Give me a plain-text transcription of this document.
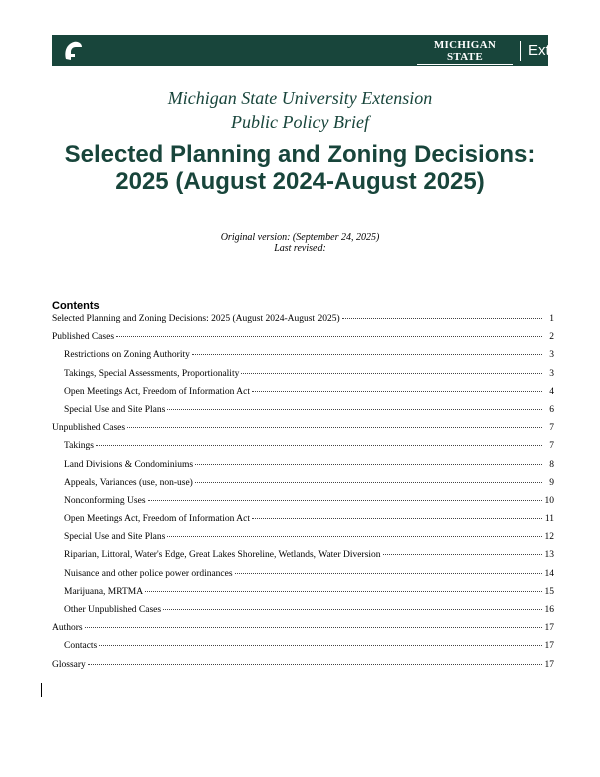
MICHIGAN STATE
UNIVERSITY
Extension
Michigan State University Extension
Public Policy Brief
Selected Planning and Zoning Decisions: 2025 (August 2024-August 2025)
Original version: (September 24, 2025)
Last revised:
Contents
Selected Planning and Zoning Decisions: 2025 (August 2024-August 2025)	1
Published Cases	2
Restrictions on Zoning Authority	3
Takings, Special Assessments, Proportionality	3
Open Meetings Act, Freedom of Information Act	4
Special Use and Site Plans	6
Unpublished Cases	7
Takings	7
Land Divisions & Condominiums	8
Appeals, Variances (use, non-use)	9
Nonconforming Uses	10
Open Meetings Act, Freedom of Information Act	11
Special Use and Site Plans	12
Riparian, Littoral, Water's Edge, Great Lakes Shoreline, Wetlands, Water Diversion	13
Nuisance and other police power ordinances	14
Marijuana, MRTMA	15
Other Unpublished Cases	16
Authors	17
Contacts	17
Glossary	17
